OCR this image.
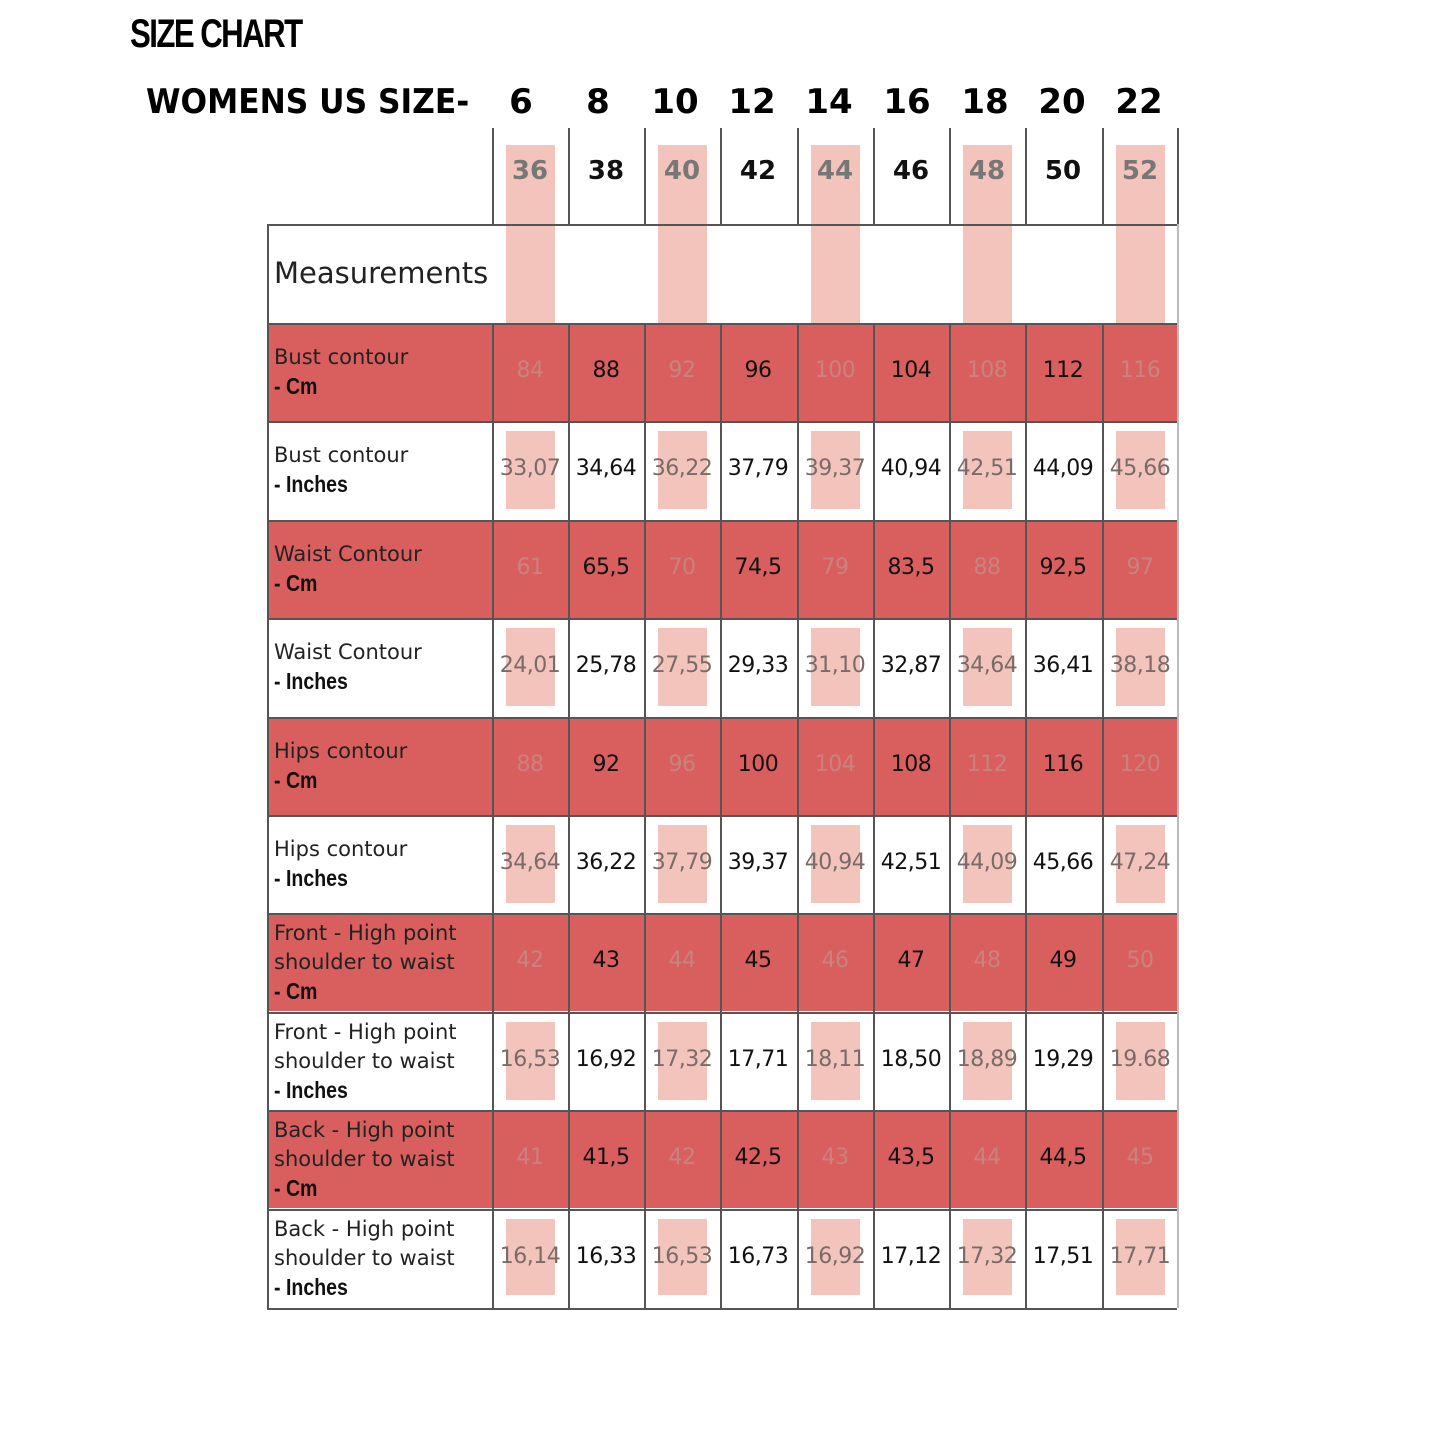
SIZE CHART
WOMENS US SIZE-	6	8	10 12 14 16 18 20 22
36	38	40	42	44	46	48	50	52
Measurements
Bust contour
- Cm
84	88	92	96	100	104	108	112	116
Bust contour
- Inches
33,07 34,64 36,22 37,79 39,37 40,94 42,51 44,09 45,66
Waist Contour
- Cm
61	65,5	70	74,5	79	83,5	88	92,5	97
Waist Contour
- Inches
24,01 25,78 27,55 29,33 31,10 32,87 34,64 36,41 38,18
Hips contour
- Cm
88	92	96	100	104	108	112	116	120
Hips contour
- Inches
34,64 36,22 37,79 39,37 40,94 42,51 44,09 45,66 47,24
Front - High point shoulder to waist
- Cm
42	43	44	45	46	47	48	49	50
Front - High point shoulder to waist
- Inches
16,53 16,92 17,32 17,71 18,11 18,50 18,89 19,29 19.68
Back - High point shoulder to waist
- Cm
41	41,5	42	42,5	43	43,5	44	44,5	45
Back - High point shoulder to waist
- Inches
16,14 16,33 16,53 16,73 16,92 17,12 17,32 17,51 17,71
